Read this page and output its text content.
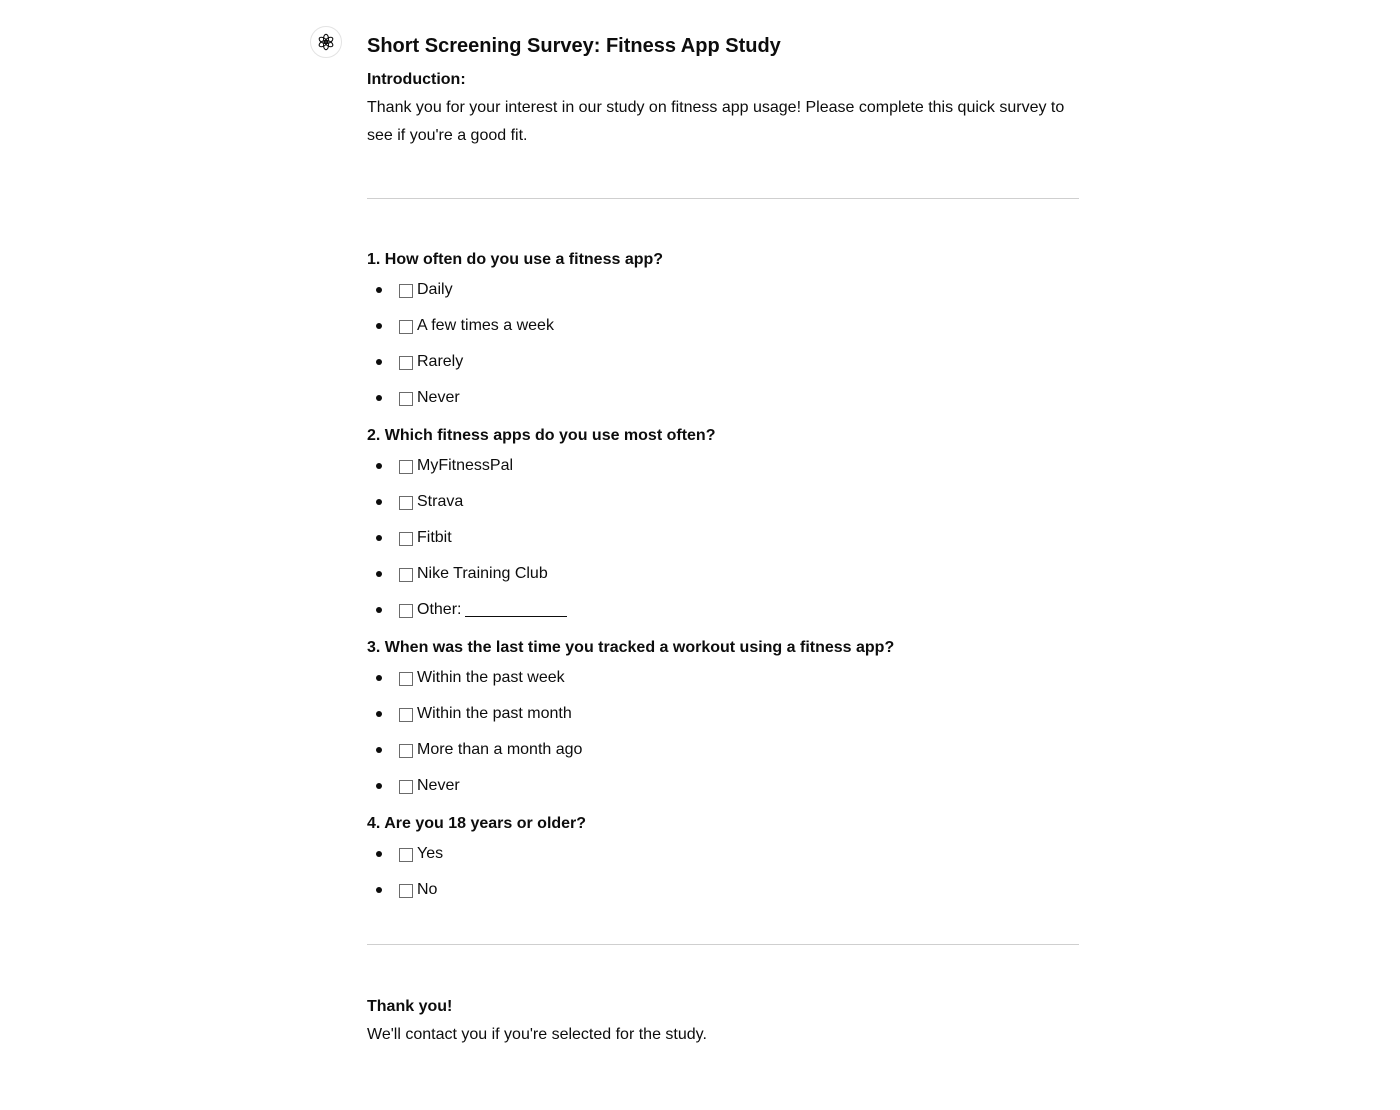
Short Screening Survey: Fitness App Study

Introduction:

Thank you for your interest in our study on fitness app usage! Please complete this quick survey to see if you're a good fit.

1. How often do you use a fitness app?

Daily
A few times a week
Rarely
Never

2. Which fitness apps do you use most often?

MyFitnessPal
Strava
Fitbit
Nike Training Club
Other:

3. When was the last time you tracked a workout using a fitness app?

Within the past week
Within the past month
More than a month ago
Never

4. Are you 18 years or older?

Yes
No

Thank you!

We'll contact you if you're selected for the study.
